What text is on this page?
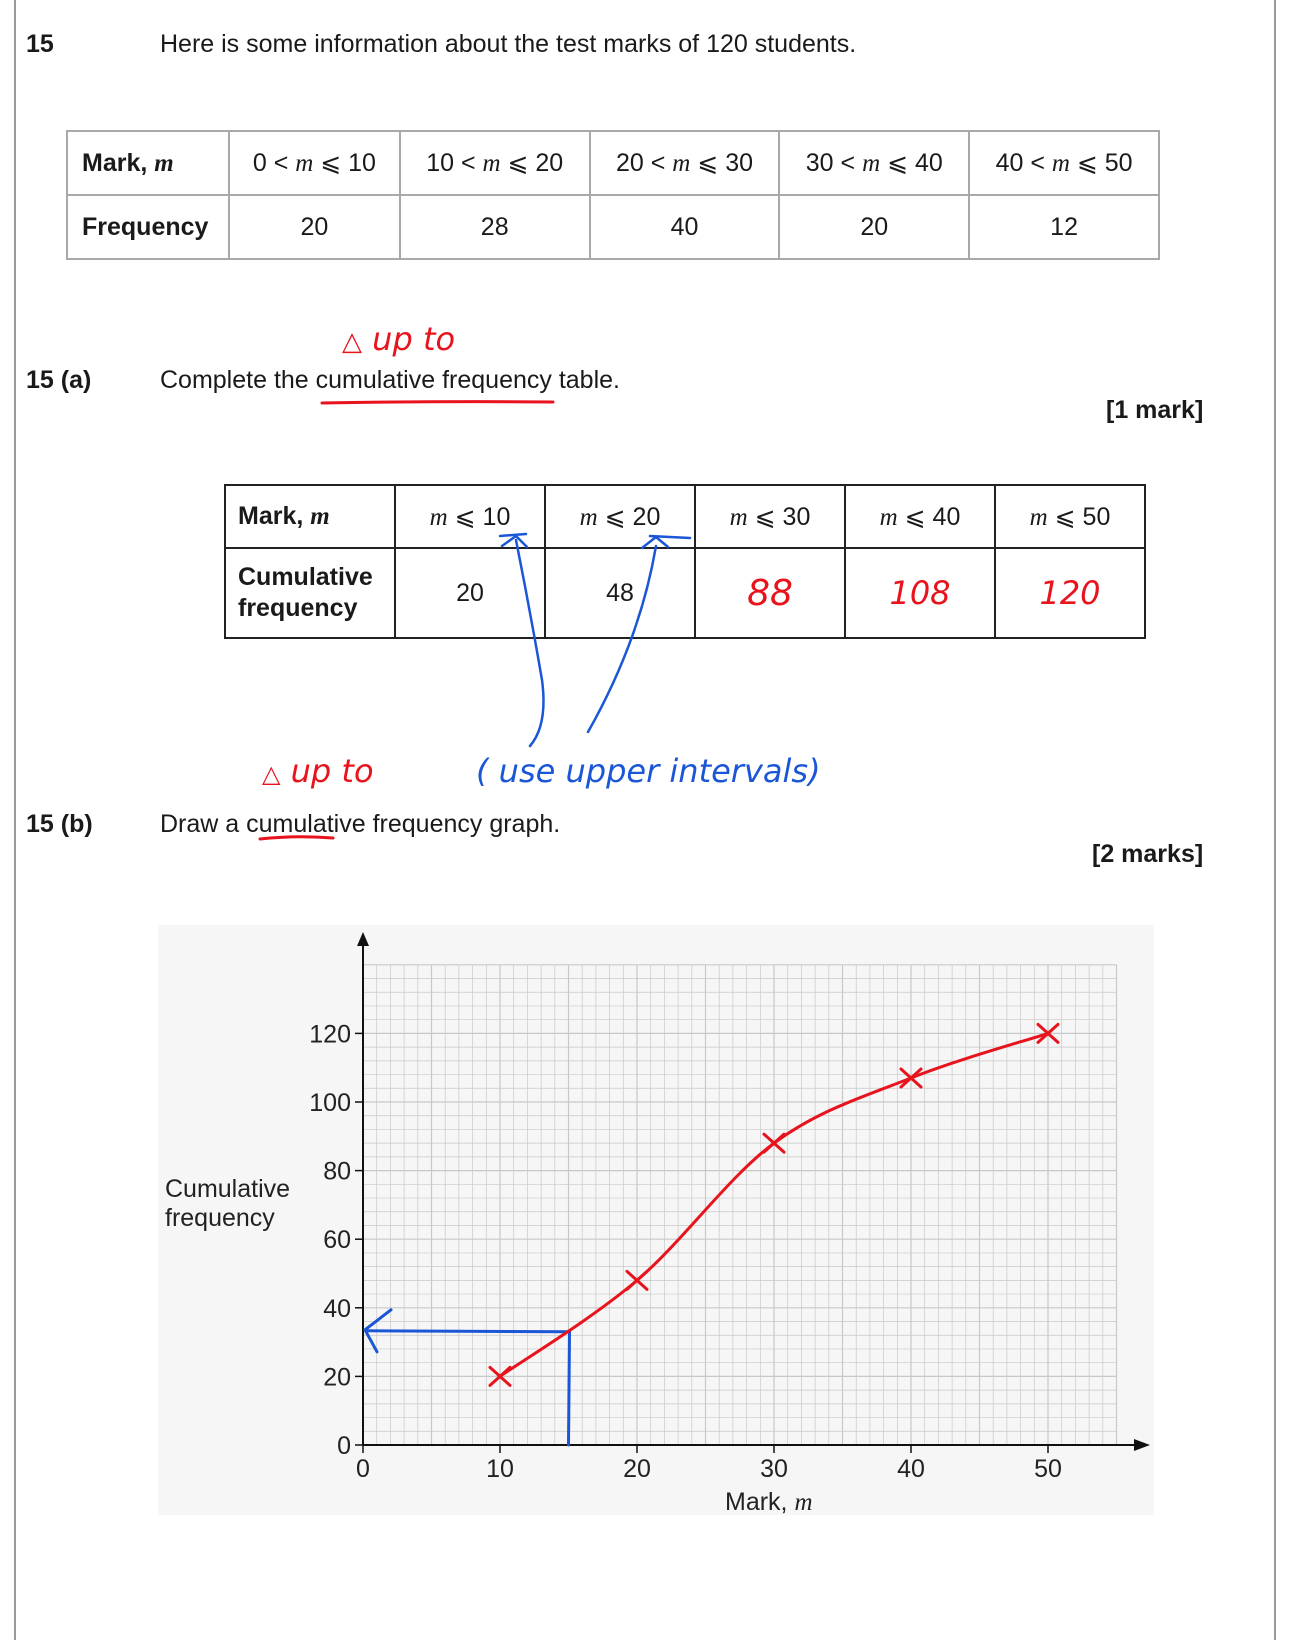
15	Here is some information about the test marks of 120 students.
Mark, m	0 < m ⩽ 10	10 < m ⩽ 20	20 < m ⩽ 30	30 < m ⩽ 40	40 < m ⩽ 50
Frequency	20	28	40	20	12
△ up to
15 (a)	Complete the cumulative frequency table.
[1 mark]
Mark, m	m ⩽ 10	m ⩽ 20	m ⩽ 30	m ⩽ 40	m ⩽ 50
Cumulative
frequency	20	48	88	108	120
△ up to	( use upper intervals)
15 (b)	Draw a cumulative frequency graph.
[2 marks]
0
20
40
60
80
100
120
0	10	20	30	40	50
Cumulative
frequency
Mark, m
